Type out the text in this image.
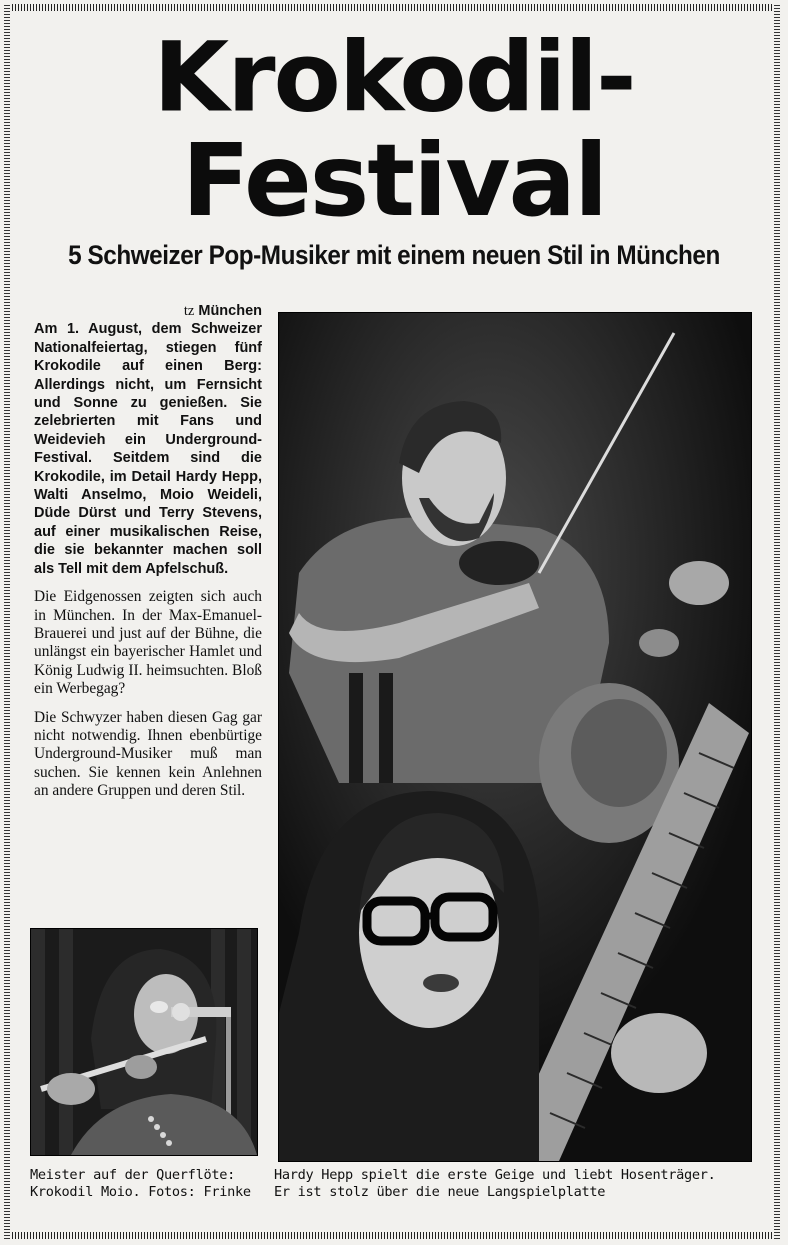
Krokodil-
Festival
5 Schweizer Pop-Musiker mit einem neuen Stil in München
tz München

Am 1. August, dem Schweizer Nationalfeiertag, stiegen fünf Krokodile auf einen Berg: Allerdings nicht, um Fernsicht und Sonne zu genießen. Sie zelebrierten mit Fans und Weidevieh ein Underground-Festival. Seitdem sind die Krokodile, im Detail Hardy Hepp, Walti Anselmo, Moio Weideli, Düde Dürst und Terry Stevens, auf einer musikalischen Reise, die sie bekannter machen soll als Tell mit dem Apfelschuß.

Die Eidgenossen zeigten sich auch in München. In der Max-Emanuel-Brauerei und just auf der Bühne, die unlängst ein bayerischer Hamlet und König Ludwig II. heimsuchten. Bloß ein Werbegag?

Die Schwyzer haben diesen Gag gar nicht notwendig. Ihnen ebenbürtige Underground-Musiker muß man suchen. Sie kennen kein Anlehnen an andere Gruppen und deren Stil.

Meister auf der Querflöte:
Krokodil Moio. Fotos: Frinke
Hardy Hepp spielt die erste Geige und liebt Hosenträger.
Er ist stolz über die neue Langspielplatte
